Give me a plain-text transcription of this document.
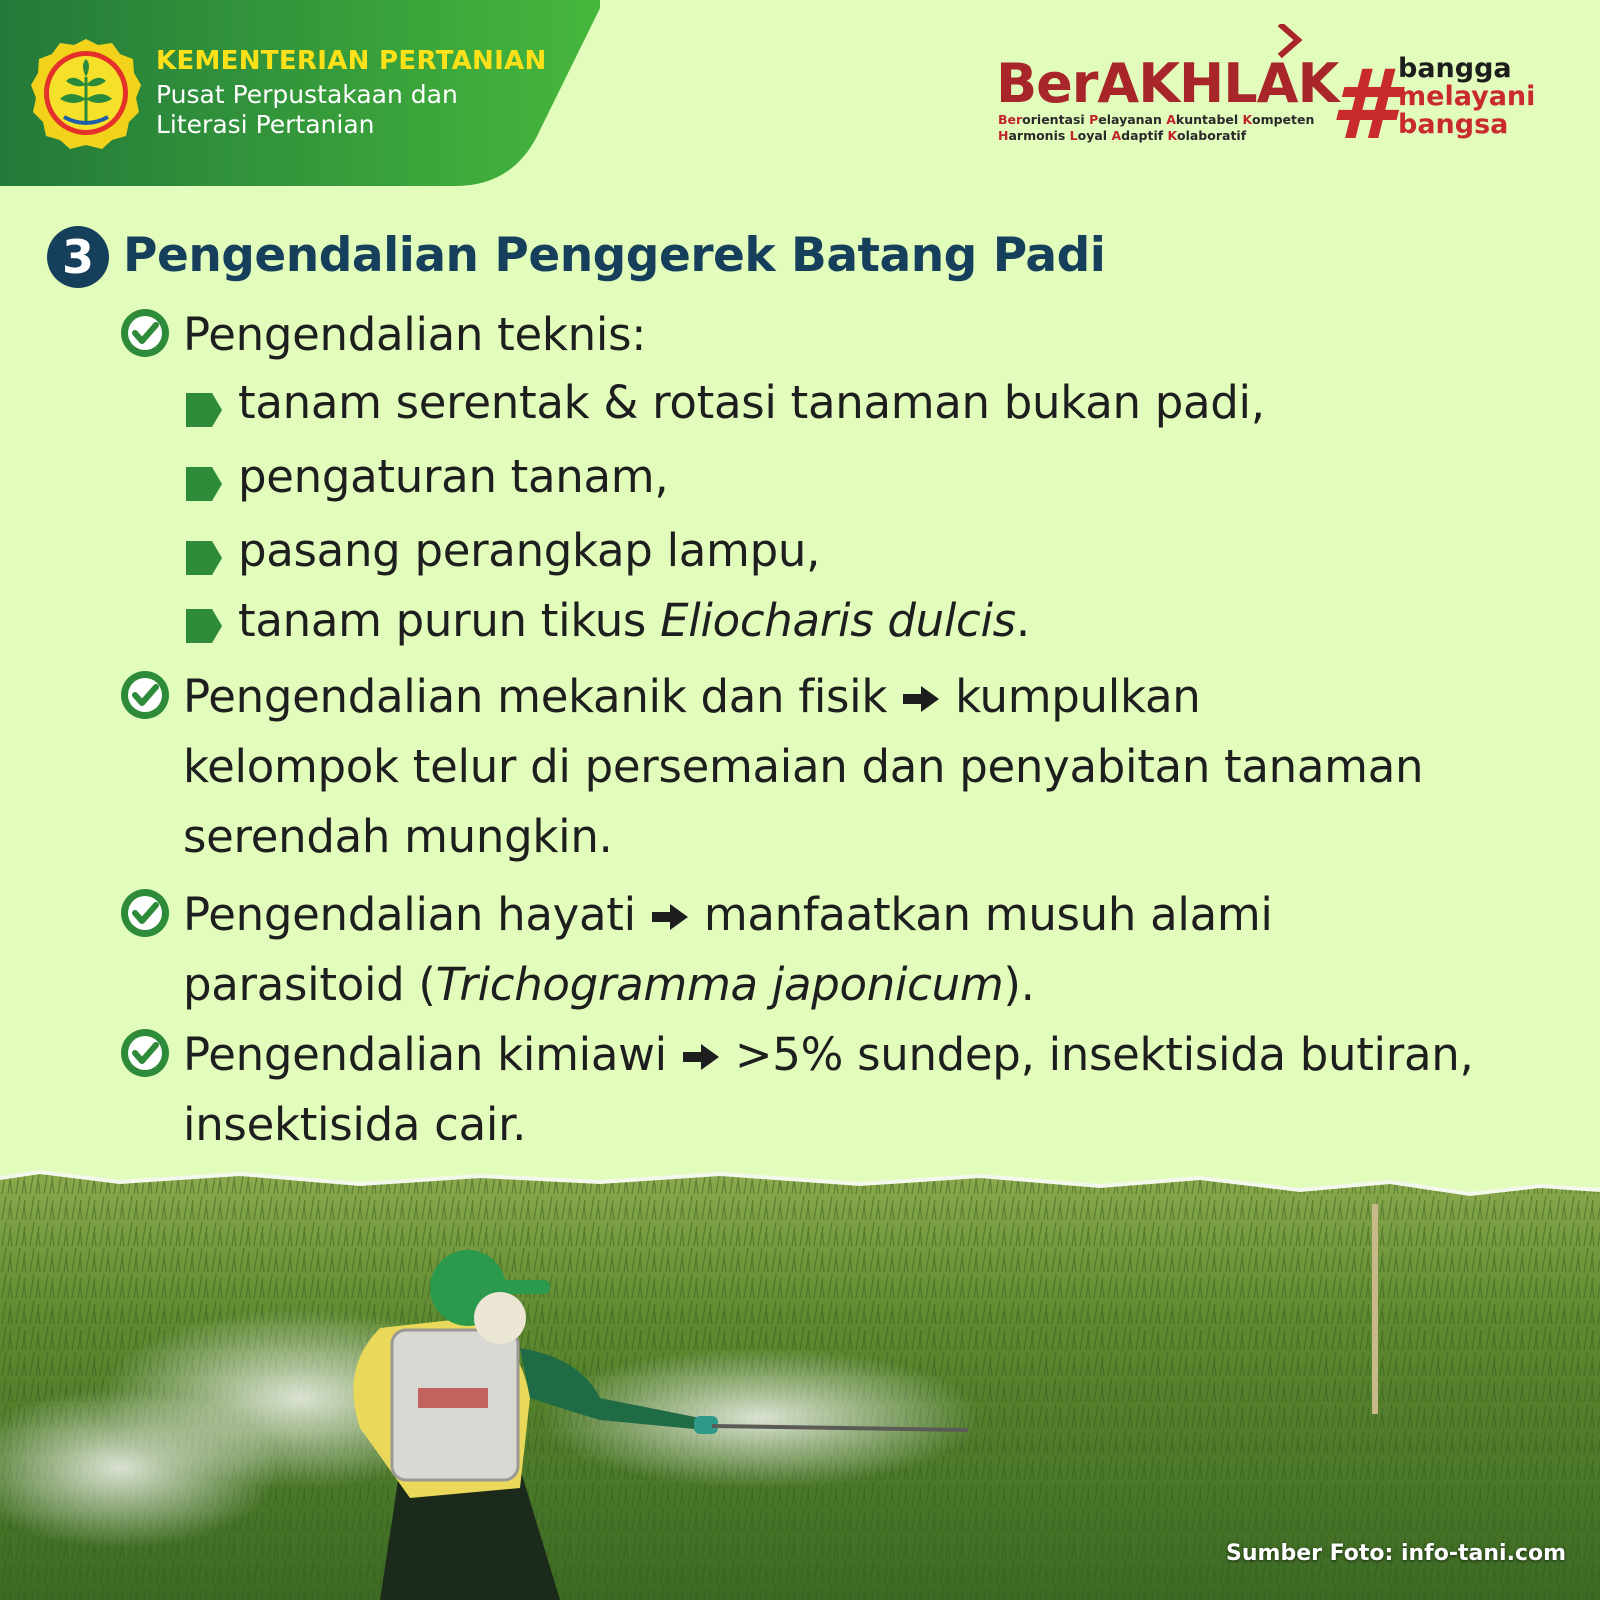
KEMENTERIAN PERTANIAN
Pusat Perpustakaan dan
Literasi Pertanian
BerAKHLAK
Berorientasi Pelayanan Akuntabel Kompeten
Harmonis Loyal Adaptif Kolaboratif # bangga
melayani
bangsa
3 Pengendalian Penggerek Batang Padi
Pengendalian teknis:
tanam serentak & rotasi tanaman bukan padi,
pengaturan tanam,
pasang perangkap lampu,
tanam purun tikus Eliocharis dulcis.
Pengendalian mekanik dan fisik kumpulkan
kelompok telur di persemaian dan penyabitan tanaman
serendah mungkin.
Pengendalian hayati manfaatkan musuh alami
parasitoid (Trichogramma japonicum).
Pengendalian kimiawi >5% sundep, insektisida butiran,
insektisida cair.
Sumber Foto: info-tani.com
